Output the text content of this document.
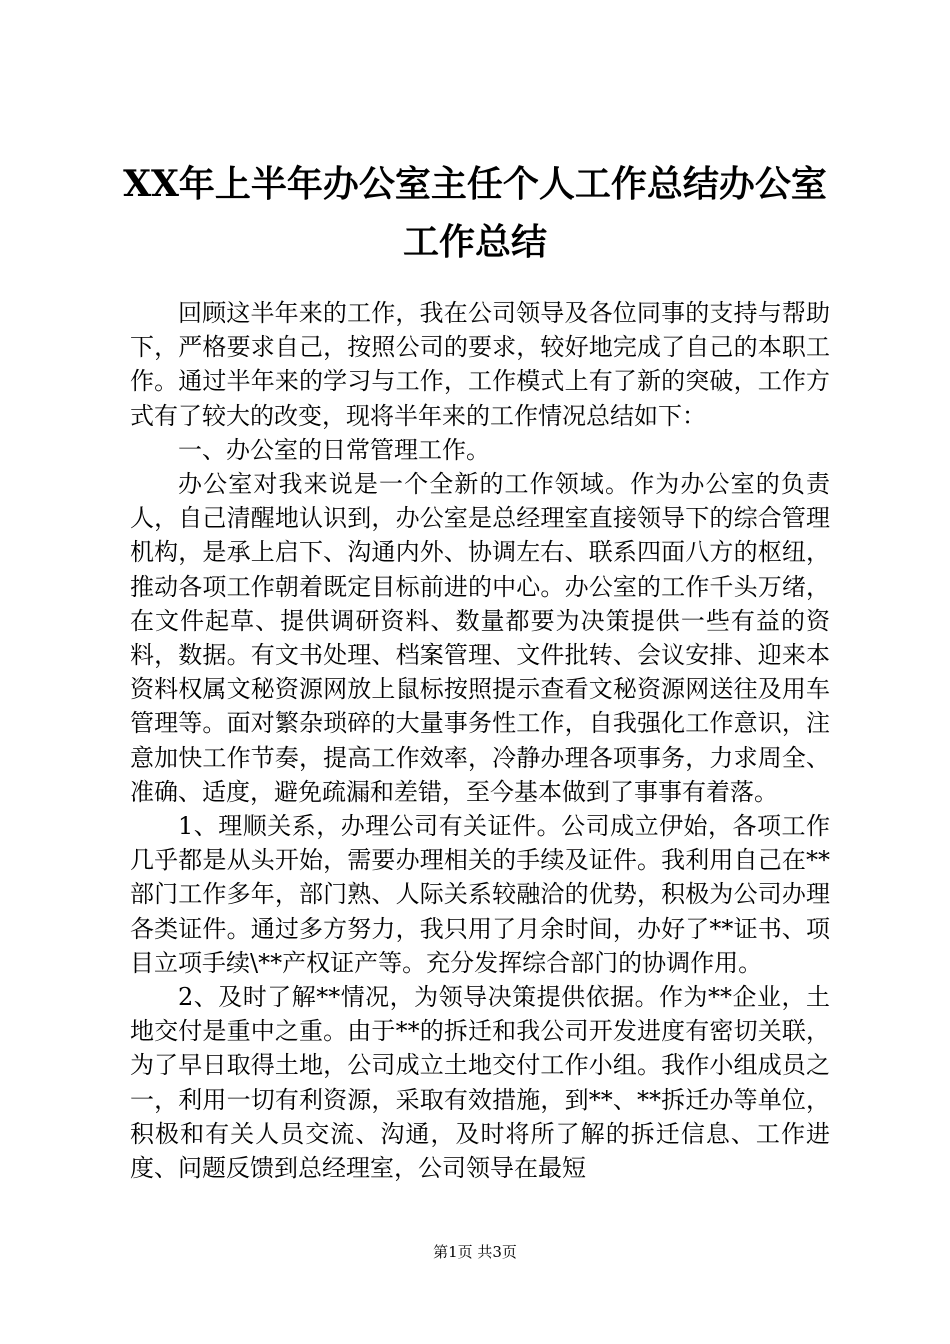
XX年上半年办公室主任个人工作总结办公室
工作总结

回顾这半年来的工作，我在公司领导及各位同事的支持与帮助下，严格要求自己，按照公司的要求，较好地完成了自己的本职工作。通过半年来的学习与工作，工作模式上有了新的突破，工作方式有了较大的改变，现将半年来的工作情况总结如下：

一、办公室的日常管理工作。

办公室对我来说是一个全新的工作领域。作为办公室的负责人，自己清醒地认识到，办公室是总经理室直接领导下的综合管理机构，是承上启下、沟通内外、协调左右、联系四面八方的枢纽，推动各项工作朝着既定目标前进的中心。办公室的工作千头万绪，在文件起草、提供调研资料、数量都要为决策提供一些有益的资料，数据。有文书处理、档案管理、文件批转、会议安排、迎来本资料权属文秘资源网放上鼠标按照提示查看文秘资源网送往及用车管理等。面对繁杂琐碎的大量事务性工作，自我强化工作意识，注意加快工作节奏，提高工作效率，冷静办理各项事务，力求周全、准确、适度，避免疏漏和差错，至今基本做到了事事有着落。

1、理顺关系，办理公司有关证件。公司成立伊始，各项工作几乎都是从头开始，需要办理相关的手续及证件。我利用自己在**部门工作多年，部门熟、人际关系较融洽的优势，积极为公司办理各类证件。通过多方努力，我只用了月余时间，办好了**证书、项目立项手续\**产权证产等。充分发挥综合部门的协调作用。

2、及时了解**情况，为领导决策提供依据。作为**企业，土地交付是重中之重。由于**的拆迁和我公司开发进度有密切关联，为了早日取得土地，公司成立土地交付工作小组。我作小组成员之一，利用一切有利资源，采取有效措施，到**、**拆迁办等单位，积极和有关人员交流、沟通，及时将所了解的拆迁信息、工作进度、问题反馈到总经理室，公司领导在最短

第1页 共3页
